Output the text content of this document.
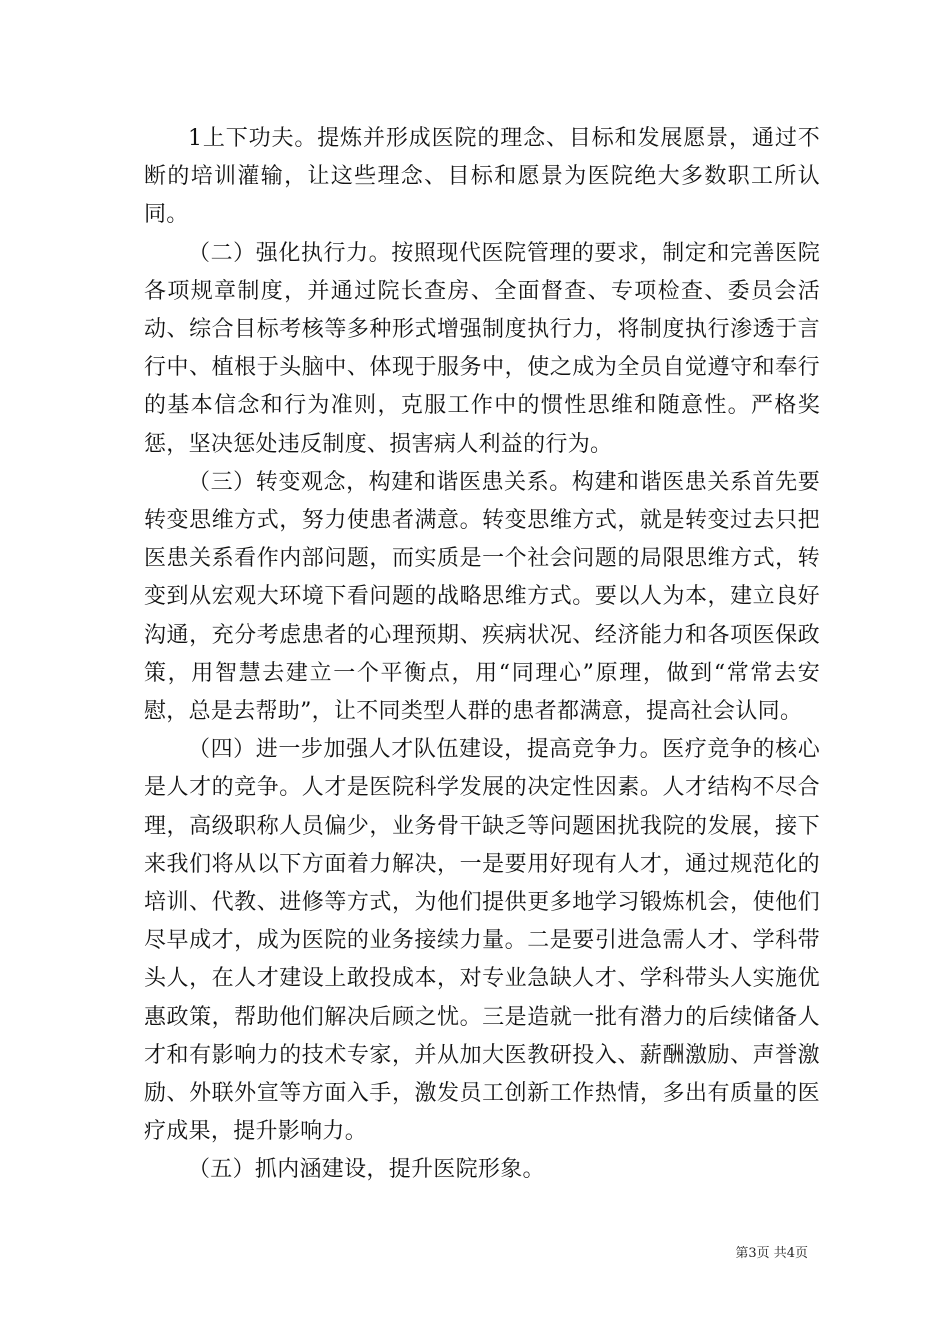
1上下功夫。提炼并形成医院的理念、目标和发展愿景，通过不断的培训灌输，让这些理念、目标和愿景为医院绝大多数职工所认同。

（二）强化执行力。按照现代医院管理的要求，制定和完善医院各项规章制度，并通过院长查房、全面督查、专项检查、委员会活动、综合目标考核等多种形式增强制度执行力，将制度执行渗透于言行中、植根于头脑中、体现于服务中，使之成为全员自觉遵守和奉行的基本信念和行为准则，克服工作中的惯性思维和随意性。严格奖惩，坚决惩处违反制度、损害病人利益的行为。

（三）转变观念，构建和谐医患关系。构建和谐医患关系首先要转变思维方式，努力使患者满意。转变思维方式，就是转变过去只把医患关系看作内部问题，而实质是一个社会问题的局限思维方式，转变到从宏观大环境下看问题的战略思维方式。要以人为本，建立良好沟通，充分考虑患者的心理预期、疾病状况、经济能力和各项医保政策，用智慧去建立一个平衡点，用“同理心”原理，做到“常常去安慰，总是去帮助”，让不同类型人群的患者都满意，提高社会认同。

（四）进一步加强人才队伍建设，提高竞争力。医疗竞争的核心是人才的竞争。人才是医院科学发展的决定性因素。人才结构不尽合理，高级职称人员偏少，业务骨干缺乏等问题困扰我院的发展，接下来我们将从以下方面着力解决，一是要用好现有人才，通过规范化的培训、代教、进修等方式，为他们提供更多地学习锻炼机会，使他们尽早成才，成为医院的业务接续力量。二是要引进急需人才、学科带头人，在人才建设上敢投成本，对专业急缺人才、学科带头人实施优惠政策，帮助他们解决后顾之忧。三是造就一批有潜力的后续储备人才和有影响力的技术专家，并从加大医教研投入、薪酬激励、声誉激励、外联外宣等方面入手，激发员工创新工作热情，多出有质量的医疗成果，提升影响力。

（五）抓内涵建设，提升医院形象。

第3页 共4页
